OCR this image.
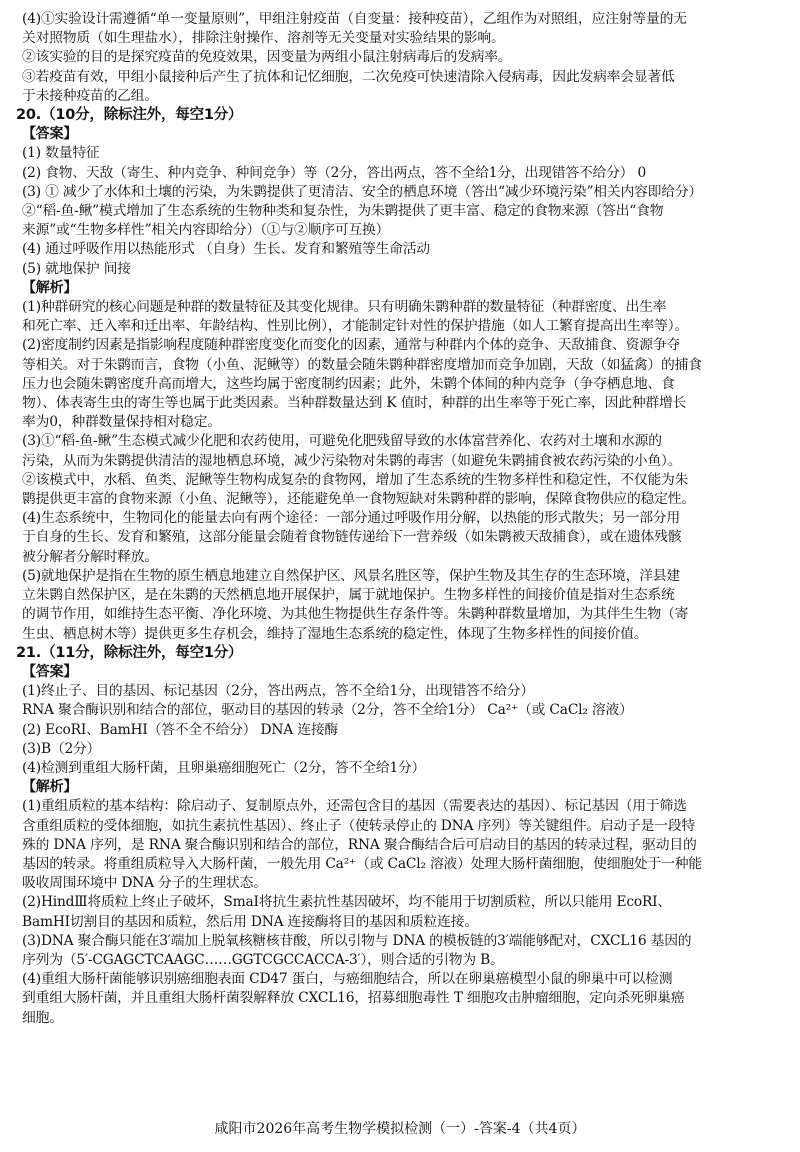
(4)①实验设计需遵循“单一变量原则”，甲组注射疫苗（自变量：接种疫苗），乙组作为对照组，应注射等量的无
关对照物质（如生理盐水），排除注射操作、溶剂等无关变量对实验结果的影响。
②该实验的目的是探究疫苗的免疫效果，因变量为两组小鼠注射病毒后的发病率。
③若疫苗有效，甲组小鼠接种后产生了抗体和记忆细胞，二次免疫可快速清除入侵病毒，因此发病率会显著低
于未接种疫苗的乙组。
20.（10分，除标注外，每空1分）
【答案】
(1) 数量特征
(2) 食物、天敌（寄生、种内竞争、种间竞争）等（2分，答出两点，答不全给1分，出现错答不给分） 0
(3) ① 减少了水体和土壤的污染，为朱鹮提供了更清洁、安全的栖息环境（答出“减少环境污染”相关内容即给分）
②“稻-鱼-鳅”模式增加了生态系统的生物种类和复杂性，为朱鹮提供了更丰富、稳定的食物来源（答出“食物
来源”或“生物多样性”相关内容即给分）（①与②顺序可互换）
(4) 通过呼吸作用以热能形式 （自身）生长、发育和繁殖等生命活动
(5) 就地保护 间接
【解析】
(1)种群研究的核心问题是种群的数量特征及其变化规律。只有明确朱鹮种群的数量特征（种群密度、出生率
和死亡率、迁入率和迁出率、年龄结构、性别比例），才能制定针对性的保护措施（如人工繁育提高出生率等）。
(2)密度制约因素是指影响程度随种群密度变化而变化的因素，通常与种群内个体的竞争、天敌捕食、资源争夺
等相关。对于朱鹮而言，食物（小鱼、泥鳅等）的数量会随朱鹮种群密度增加而竞争加剧，天敌（如猛禽）的捕食
压力也会随朱鹮密度升高而增大，这些均属于密度制约因素；此外，朱鹮个体间的种内竞争（争夺栖息地、食
物）、体表寄生虫的寄生等也属于此类因素。当种群数量达到 K 值时，种群的出生率等于死亡率，因此种群增长
率为0，种群数量保持相对稳定。
(3)①“稻-鱼-鳅”生态模式减少化肥和农药使用，可避免化肥残留导致的水体富营养化、农药对土壤和水源的
污染，从而为朱鹮提供清洁的湿地栖息环境，减少污染物对朱鹮的毒害（如避免朱鹮捕食被农药污染的小鱼）。
②该模式中，水稻、鱼类、泥鳅等生物构成复杂的食物网，增加了生态系统的生物多样性和稳定性，不仅能为朱
鹮提供更丰富的食物来源（小鱼、泥鳅等），还能避免单一食物短缺对朱鹮种群的影响，保障食物供应的稳定性。
(4)生态系统中，生物同化的能量去向有两个途径：一部分通过呼吸作用分解，以热能的形式散失；另一部分用
于自身的生长、发育和繁殖，这部分能量会随着食物链传递给下一营养级（如朱鹮被天敌捕食），或在遗体残骸
被分解者分解时释放。
(5)就地保护是指在生物的原生栖息地建立自然保护区、风景名胜区等，保护生物及其生存的生态环境，洋县建
立朱鹮自然保护区，是在朱鹮的天然栖息地开展保护，属于就地保护。生物多样性的间接价值是指对生态系统
的调节作用，如维持生态平衡、净化环境、为其他生物提供生存条件等。朱鹮种群数量增加，为其伴生生物（寄
生虫、栖息树木等）提供更多生存机会，维持了湿地生态系统的稳定性，体现了生物多样性的间接价值。
21.（11分，除标注外，每空1分）
【答案】
(1)终止子、目的基因、标记基因（2分，答出两点，答不全给1分，出现错答不给分）
RNA 聚合酶识别和结合的部位，驱动目的基因的转录（2分，答不全给1分） Ca²⁺（或 CaCl₂ 溶液）
(2) EcoRⅠ、BamHⅠ（答不全不给分） DNA 连接酶
(3)B（2分）
(4)检测到重组大肠杆菌，且卵巢癌细胞死亡（2分，答不全给1分）
【解析】
(1)重组质粒的基本结构：除启动子、复制原点外，还需包含目的基因（需要表达的基因）、标记基因（用于筛选
含重组质粒的受体细胞，如抗生素抗性基因）、终止子（使转录停止的 DNA 序列）等关键组件。启动子是一段特
殊的 DNA 序列，是 RNA 聚合酶识别和结合的部位，RNA 聚合酶结合后可启动目的基因的转录过程，驱动目的
基因的转录。将重组质粒导入大肠杆菌，一般先用 Ca²⁺（或 CaCl₂ 溶液）处理大肠杆菌细胞，使细胞处于一种能
吸收周围环境中 DNA 分子的生理状态。
(2)HindⅢ将质粒上终止子破坏，SmaⅠ将抗生素抗性基因破坏，均不能用于切割质粒，所以只能用 EcoRⅠ、
BamHⅠ切割目的基因和质粒，然后用 DNA 连接酶将目的基因和质粒连接。
(3)DNA 聚合酶只能在3′端加上脱氧核糖核苷酸，所以引物与 DNA 的模板链的3′端能够配对，CXCL16 基因的
序列为（5′-CGAGCTCAAGC……GGTCGCCACCA-3′），则合适的引物为 B。
(4)重组大肠杆菌能够识别癌细胞表面 CD47 蛋白，与癌细胞结合，所以在卵巢癌模型小鼠的卵巢中可以检测
到重组大肠杆菌，并且重组大肠杆菌裂解释放 CXCL16，招募细胞毒性 T 细胞攻击肿瘤细胞，定向杀死卵巢癌
细胞。
咸阳市2026年高考生物学模拟检测（一）-答案-4（共4页）
